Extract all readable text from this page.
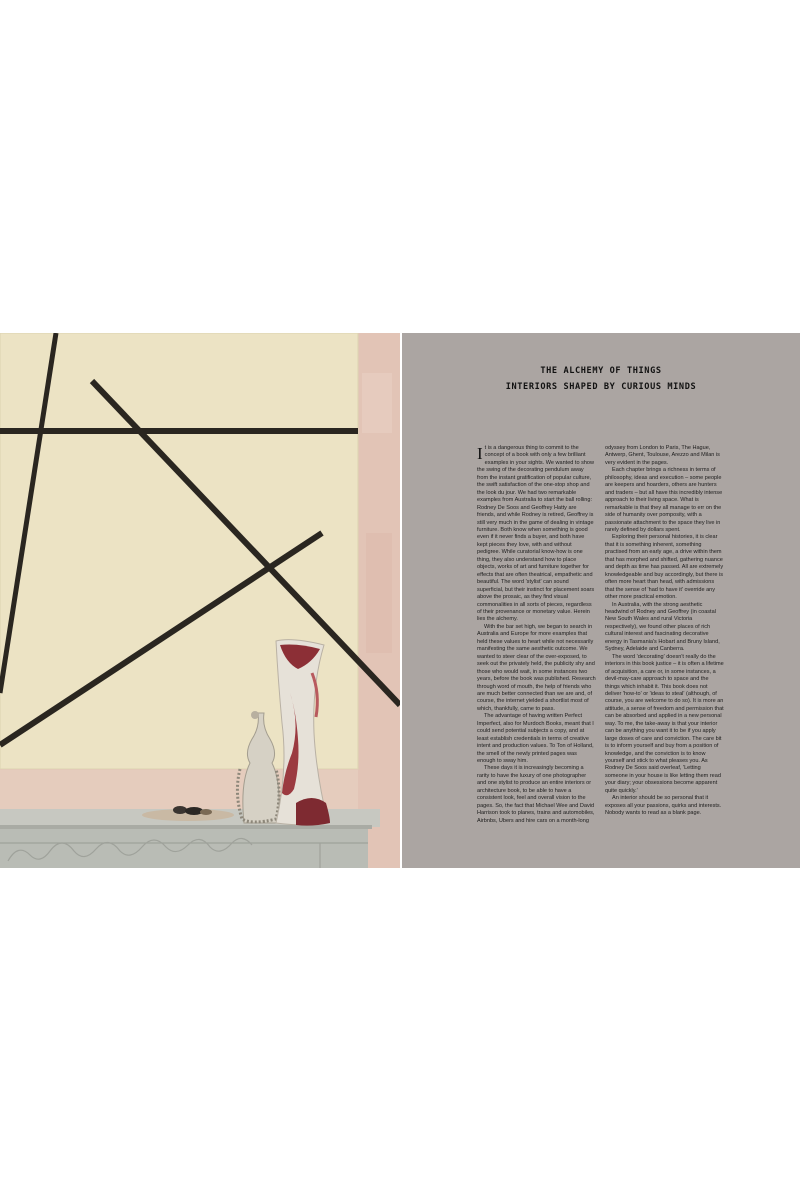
THE ALCHEMY OF THINGS
INTERIORS SHAPED BY CURIOUS MINDS

It is a dangerous thing to commit to the concept of a book with only a few brilliant examples in your sights. We wanted to show the swing of the decorating pendulum away from the instant gratification of popular culture, the swift satisfaction of the one-stop shop and the look du jour. We had two remarkable examples from Australia to start the ball rolling: Rodney De Soos and Geoffrey Hatty are friends, and while Rodney is retired, Geoffrey is still very much in the game of dealing in vintage furniture. Both know when something is good even if it never finds a buyer, and both have kept pieces they love, with and without pedigree. While curatorial know-how is one thing, they also understand how to place objects, works of art and furniture together for effects that are often theatrical, empathetic and beautiful. The word 'stylist' can sound superficial, but their instinct for placement soars above the prosaic, as they find visual commonalities in all sorts of pieces, regardless of their provenance or monetary value. Herein lies the alchemy.

With the bar set high, we began to search in Australia and Europe for more examples that held these values to heart while not necessarily manifesting the same aesthetic outcome. We wanted to steer clear of the over-exposed, to seek out the privately held, the publicity shy and those who would wait, in some instances two years, before the book was published. Research through word of mouth, the help of friends who are much better connected than we are and, of course, the internet yielded a shortlist most of which, thankfully, came to pass.

The advantage of having written Perfect Imperfect, also for Murdoch Books, meant that I could send potential subjects a copy, and at least establish credentials in terms of creative intent and production values. To Ton of Holland, the smell of the newly printed pages was enough to sway him.

These days it is increasingly becoming a rarity to have the luxury of one photographer and one stylist to produce an entire interiors or architecture book, to be able to have a consistent look, feel and overall vision to the pages. So, the fact that Michael Wee and David Harrison took to planes, trains and automobiles, Airbnbs, Ubers and hire cars on a month-long

odyssey from London to Paris, The Hague, Antwerp, Ghent, Toulouse, Arezzo and Milan is very evident in the pages.

Each chapter brings a richness in terms of philosophy, ideas and execution – some people are keepers and hoarders, others are hunters and traders – but all have this incredibly intense approach to their living space. What is remarkable is that they all manage to err on the side of humanity over pomposity, with a passionate attachment to the space they live in rarely defined by dollars spent.

Exploring their personal histories, it is clear that it is something inherent, something practised from an early age, a drive within them that has morphed and shifted, gathering nuance and depth as time has passed. All are extremely knowledgeable and buy accordingly, but there is often more heart than head, with admissions that the sense of 'had to have it' override any other more practical emotion.

In Australia, with the strong aesthetic headwind of Rodney and Geoffrey (in coastal New South Wales and rural Victoria respectively), we found other places of rich cultural interest and fascinating decorative energy in Tasmania's Hobart and Bruny Island, Sydney, Adelaide and Canberra.

The word 'decorating' doesn't really do the interiors in this book justice – it is often a lifetime of acquisition, a care or, in some instances, a devil-may-care approach to space and the things which inhabit it. This book does not deliver 'how-to' or 'ideas to steal' (although, of course, you are welcome to do so). It is more an attitude, a sense of freedom and permission that can be absorbed and applied in a new personal way. To me, the take-away is that your interior can be anything you want it to be if you apply large doses of care and conviction. The care bit is to inform yourself and buy from a position of knowledge, and the conviction is to know yourself and stick to what pleases you. As Rodney De Soos said overleaf, 'Letting someone in your house is like letting them read your diary; your obsessions become apparent quite quickly.'

An interior should be so personal that it exposes all your passions, quirks and interests. Nobody wants to read as a blank page.
